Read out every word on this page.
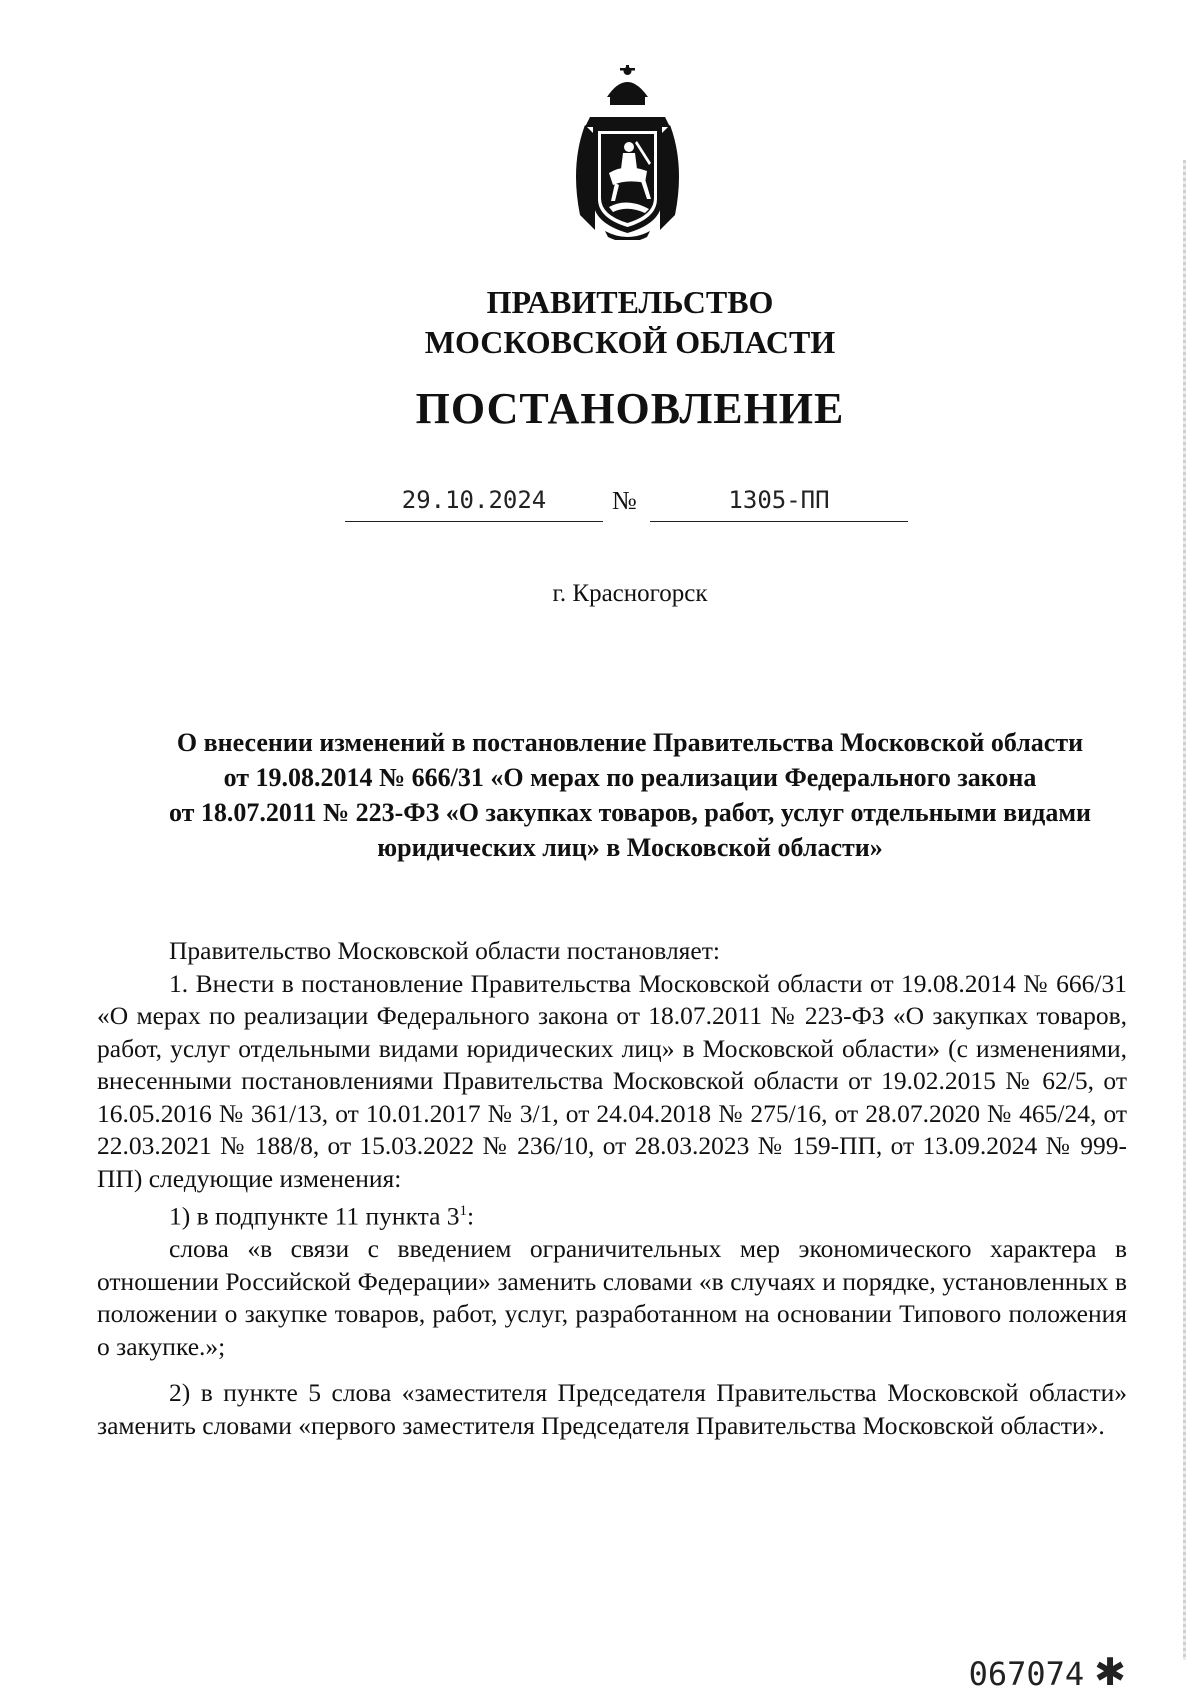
ПРАВИТЕЛЬСТВО
МОСКОВСКОЙ ОБЛАСТИ
ПОСТАНОВЛЕНИЕ
29.10.2024	№	1305-ПП
г. Красногорск
О внесении изменений в постановление Правительства Московской области
от 19.08.2014 № 666/31 «О мерах по реализации Федерального закона
от 18.07.2011 № 223-ФЗ «О закупках товаров, работ, услуг отдельными видами
юридических лиц» в Московской области»

Правительство Московской области постановляет:

1. Внести в постановление Правительства Московской области от 19.08.2014 № 666/31 «О мерах по реализации Федерального закона от 18.07.2011 № 223-ФЗ «О закупках товаров, работ, услуг отдельными видами юридических лиц» в Московской области» (с изменениями, внесенными постановлениями Правительства Московской области от 19.02.2015 № 62/5, от 16.05.2016 № 361/13, от 10.01.2017 № 3/1, от 24.04.2018 № 275/16, от 28.07.2020 № 465/24, от 22.03.2021 № 188/8, от 15.03.2022 № 236/10, от 28.03.2023 № 159-ПП, от 13.09.2024 № 999-ПП) следующие изменения:

1) в подпункте 11 пункта $3^1$:

слова «в связи с введением ограничительных мер экономического характера в отношении Российской Федерации» заменить словами «в случаях и порядке, установленных в положении о закупке товаров, работ, услуг, разработанном на основании Типового положения о закупке.»;

2) в пункте 5 слова «заместителя Председателя Правительства Московской области» заменить словами «первого заместителя Председателя Правительства Московской области».

067074 ✱
